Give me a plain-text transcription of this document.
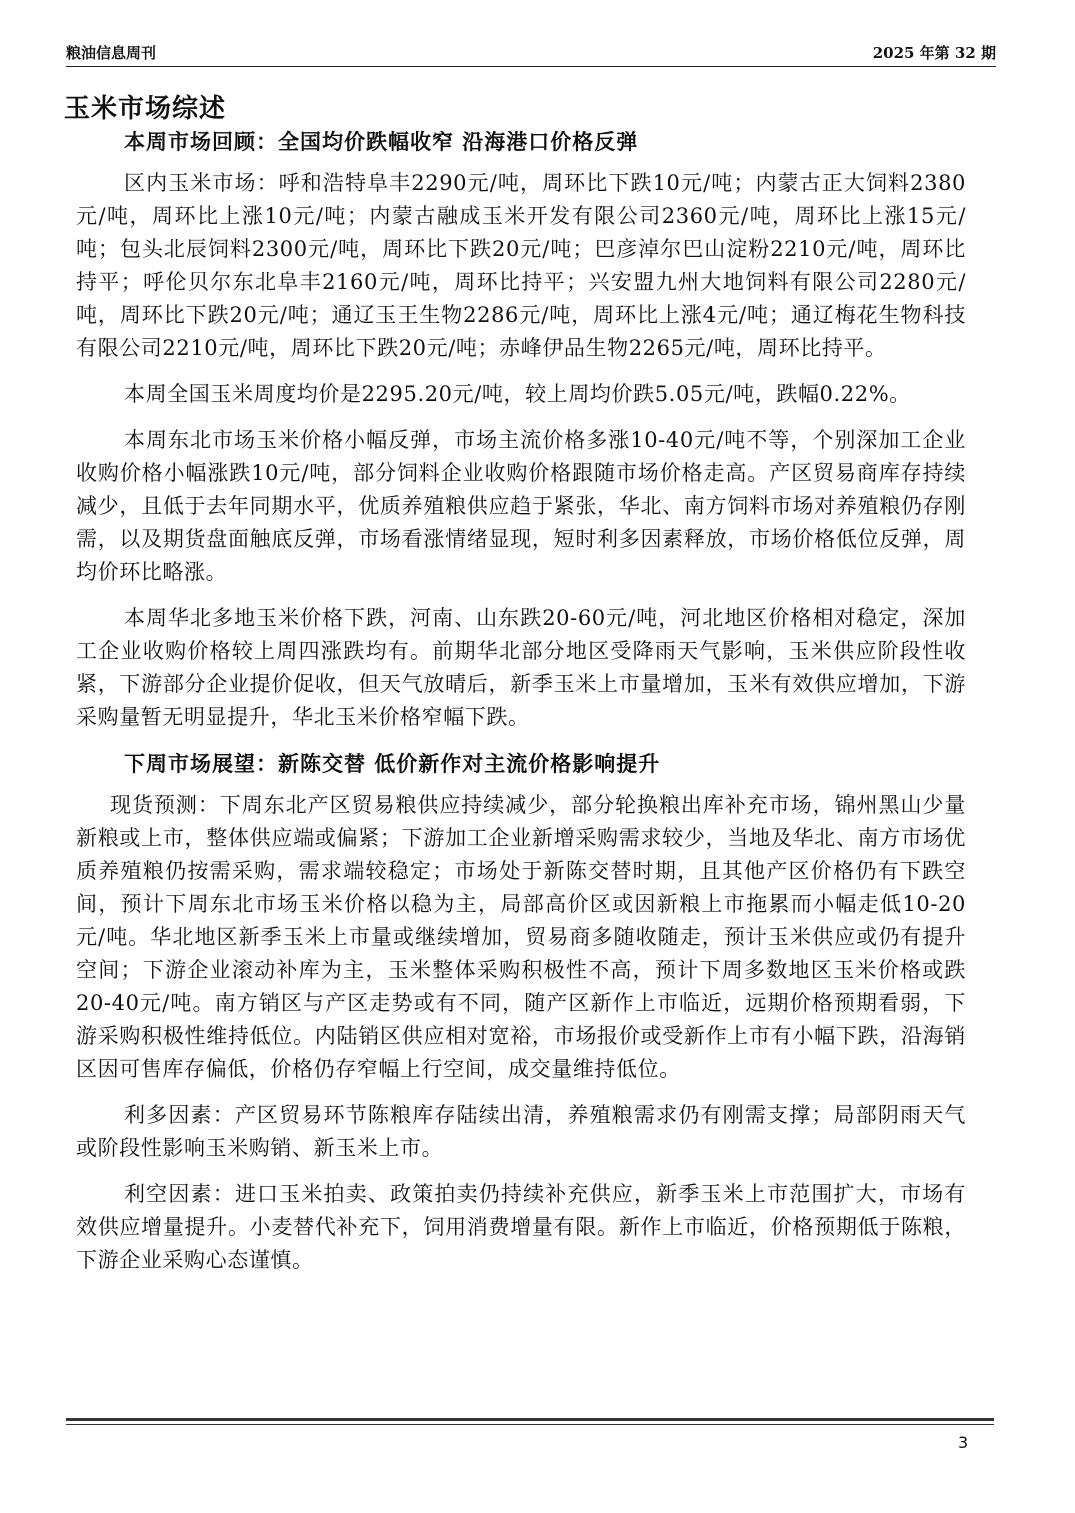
粮油信息周刊	2025 年第 32 期
玉米市场综述
本周市场回顾：全国均价跌幅收窄 沿海港口价格反弹

区内玉米市场：呼和浩特阜丰2290元/吨，周环比下跌10元/吨；内蒙古正大饲料2380元/吨，周环比上涨10元/吨；内蒙古融成玉米开发有限公司2360元/吨，周环比上涨15元/吨；包头北辰饲料2300元/吨，周环比下跌20元/吨；巴彦淖尔巴山淀粉2210元/吨，周环比持平；呼伦贝尔东北阜丰2160元/吨，周环比持平；兴安盟九州大地饲料有限公司2280元/吨，周环比下跌20元/吨；通辽玉王生物2286元/吨，周环比上涨4元/吨；通辽梅花生物科技有限公司2210元/吨，周环比下跌20元/吨；赤峰伊品生物2265元/吨，周环比持平。

本周全国玉米周度均价是2295.20元/吨，较上周均价跌5.05元/吨，跌幅0.22%。

本周东北市场玉米价格小幅反弹，市场主流价格多涨10-40元/吨不等，个别深加工企业收购价格小幅涨跌10元/吨，部分饲料企业收购价格跟随市场价格走高。产区贸易商库存持续减少，且低于去年同期水平，优质养殖粮供应趋于紧张，华北、南方饲料市场对养殖粮仍存刚需，以及期货盘面触底反弹，市场看涨情绪显现，短时利多因素释放，市场价格低位反弹，周均价环比略涨。

本周华北多地玉米价格下跌，河南、山东跌20-60元/吨，河北地区价格相对稳定，深加工企业收购价格较上周四涨跌均有。前期华北部分地区受降雨天气影响，玉米供应阶段性收紧，下游部分企业提价促收，但天气放晴后，新季玉米上市量增加，玉米有效供应增加，下游采购量暂无明显提升，华北玉米价格窄幅下跌。

下周市场展望：新陈交替 低价新作对主流价格影响提升

现货预测：下周东北产区贸易粮供应持续减少，部分轮换粮出库补充市场，锦州黑山少量新粮或上市，整体供应端或偏紧；下游加工企业新增采购需求较少，当地及华北、南方市场优质养殖粮仍按需采购，需求端较稳定；市场处于新陈交替时期，且其他产区价格仍有下跌空间，预计下周东北市场玉米价格以稳为主，局部高价区或因新粮上市拖累而小幅走低10-20元/吨。华北地区新季玉米上市量或继续增加，贸易商多随收随走，预计玉米供应或仍有提升空间；下游企业滚动补库为主，玉米整体采购积极性不高，预计下周多数地区玉米价格或跌20-40元/吨。南方销区与产区走势或有不同，随产区新作上市临近，远期价格预期看弱，下游采购积极性维持低位。内陆销区供应相对宽裕，市场报价或受新作上市有小幅下跌，沿海销区因可售库存偏低，价格仍存窄幅上行空间，成交量维持低位。

利多因素：产区贸易环节陈粮库存陆续出清，养殖粮需求仍有刚需支撑；局部阴雨天气或阶段性影响玉米购销、新玉米上市。

利空因素：进口玉米拍卖、政策拍卖仍持续补充供应，新季玉米上市范围扩大，市场有效供应增量提升。小麦替代补充下，饲用消费增量有限。新作上市临近，价格预期低于陈粮，下游企业采购心态谨慎。

3
